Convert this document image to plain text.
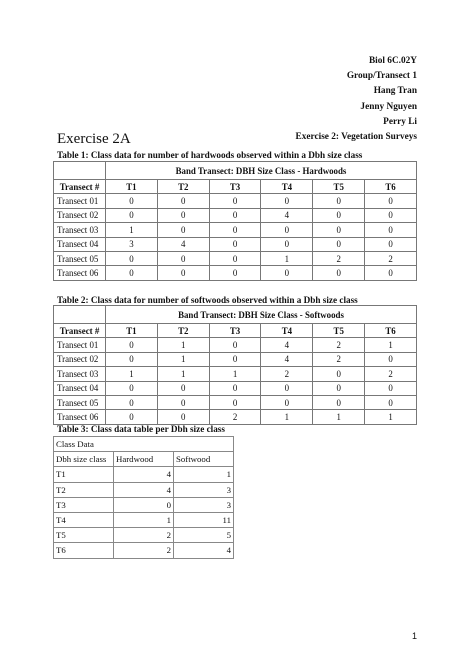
Biol 6C.02Y
Group/Transect 1
Hang Tran
Jenny Nguyen
Perry Li
Exercise 2: Vegetation Surveys
Exercise 2A
Table 1: Class data for number of hardwoods observed within a Dbh size class
	Band Transect: DBH Size Class - Hardwoods					
Transect #	T1	T2	T3	T4	T5	T6
Transect 01	0	0	0	0	0	0
Transect 02	0	0	0	4	0	0
Transect 03	1	0	0	0	0	0
Transect 04	3	4	0	0	0	0
Transect 05	0	0	0	1	2	2
Transect 06	0	0	0	0	0	0
Table 2: Class data for number of softwoods observed within a Dbh size class
	Band Transect: DBH Size Class - Softwoods					
Transect #	T1	T2	T3	T4	T5	T6
Transect 01	0	1	0	4	2	1
Transect 02	0	1	0	4	2	0
Transect 03	1	1	1	2	0	2
Transect 04	0	0	0	0	0	0
Transect 05	0	0	0	0	0	0
Transect 06	0	0	2	1	1	1
Table 3: Class data table per Dbh size class
Class Data		
Dbh size class	Hardwood	Softwood
T1	4	1
T2	4	3
T3	0	3
T4	1	11
T5	2	5
T6	2	4
1
